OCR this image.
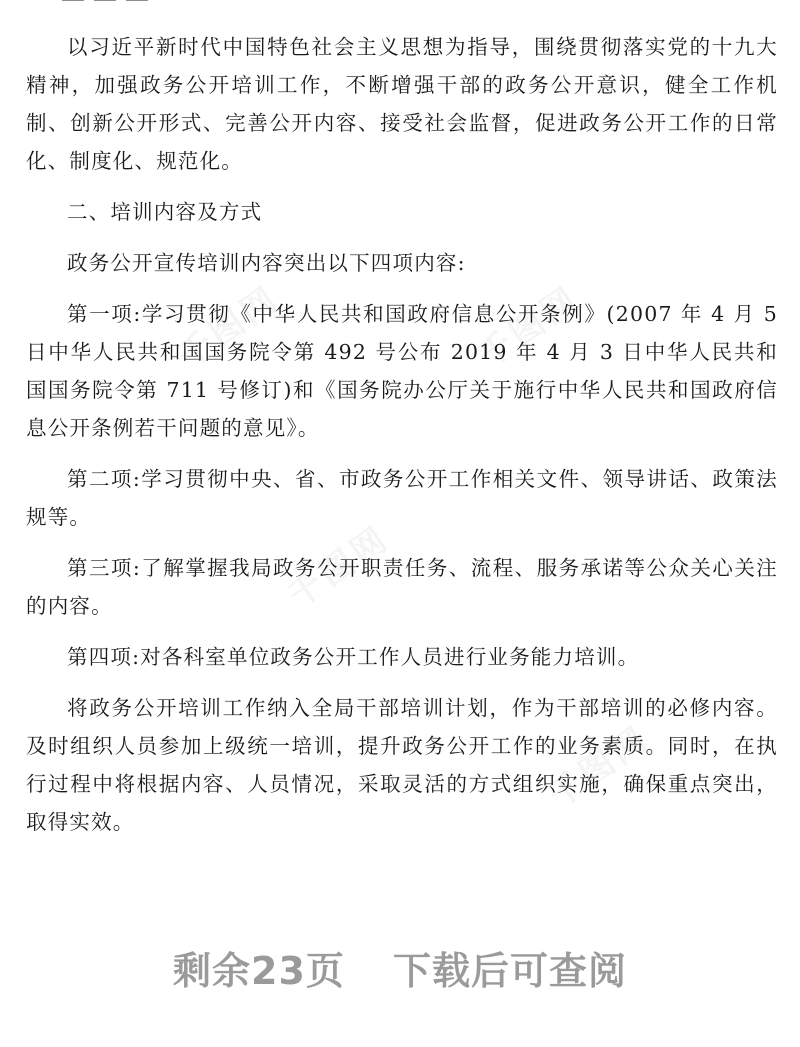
千图网	千图网
千图网
千图网

以习近平新时代中国特色社会主义思想为指导，围绕贯彻落实党的十九大精神，加强政务公开培训工作，不断增强干部的政务公开意识，健全工作机制、创新公开形式、完善公开内容、接受社会监督，促进政务公开工作的日常化、制度化、规范化。

二、培训内容及方式

政务公开宣传培训内容突出以下四项内容:

第一项:学习贯彻《中华人民共和国政府信息公开条例》(2007 年 4 月 5 日中华人民共和国国务院令第 492 号公布 2019 年 4 月 3 日中华人民共和国国务院令第 711 号修订)和《国务院办公厅关于施行中华人民共和国政府信息公开条例若干问题的意见》。

第二项:学习贯彻中央、省、市政务公开工作相关文件、领导讲话、政策法规等。

第三项:了解掌握我局政务公开职责任务、流程、服务承诺等公众关心关注的内容。

第四项:对各科室单位政务公开工作人员进行业务能力培训。

将政务公开培训工作纳入全局干部培训计划，作为干部培训的必修内容。及时组织人员参加上级统一培训，提升政务公开工作的业务素质。同时，在执行过程中将根据内容、人员情况，采取灵活的方式组织实施，确保重点突出，取得实效。

剩余23页 下载后可查阅
